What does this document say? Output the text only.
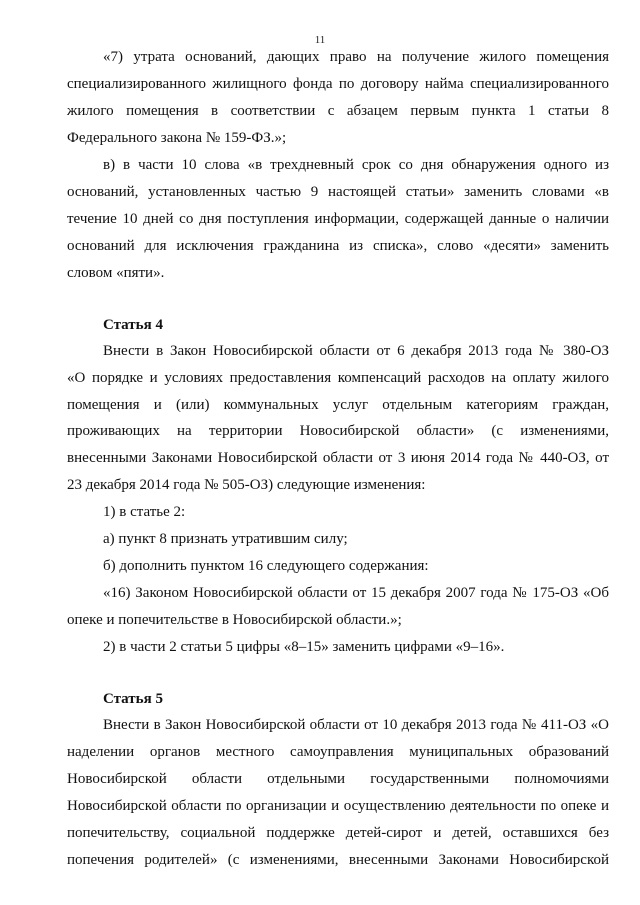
11
«7) утрата оснований, дающих право на получение жилого помещения
специализированного жилищного фонда по договору найма специализированного
жилого помещения в соответствии с абзацем первым пункта 1 статьи 8
Федерального закона № 159-ФЗ.»;
в) в части 10 слова «в трехдневный срок со дня обнаружения одного из
оснований, установленных частью 9 настоящей статьи» заменить словами «в
течение 10 дней со дня поступления информации, содержащей данные о наличии
оснований для исключения гражданина из списка», слово «десяти» заменить
словом «пяти».
Статья 4
Внести в Закон Новосибирской области от 6 декабря 2013 года № 380-ОЗ
«О порядке и условиях предоставления компенсаций расходов на оплату жилого
помещения и (или) коммунальных услуг отдельным категориям граждан,
проживающих на территории Новосибирской области» (с изменениями,
внесенными Законами Новосибирской области от 3 июня 2014 года № 440-ОЗ, от
23 декабря 2014 года № 505-ОЗ) следующие изменения:
1) в статье 2:
а) пункт 8 признать утратившим силу;
б) дополнить пунктом 16 следующего содержания:
«16) Законом Новосибирской области от 15 декабря 2007 года № 175-ОЗ «Об
опеке и попечительстве в Новосибирской области.»;
2) в части 2 статьи 5 цифры «8–15» заменить цифрами «9–16».
Статья 5
Внести в Закон Новосибирской области от 10 декабря 2013 года № 411-ОЗ «О
наделении органов местного самоуправления муниципальных образований
Новосибирской области отдельными государственными полномочиями
Новосибирской области по организации и осуществлению деятельности по опеке и
попечительству, социальной поддержке детей-сирот и детей, оставшихся без
попечения родителей» (с изменениями, внесенными Законами Новосибирской
